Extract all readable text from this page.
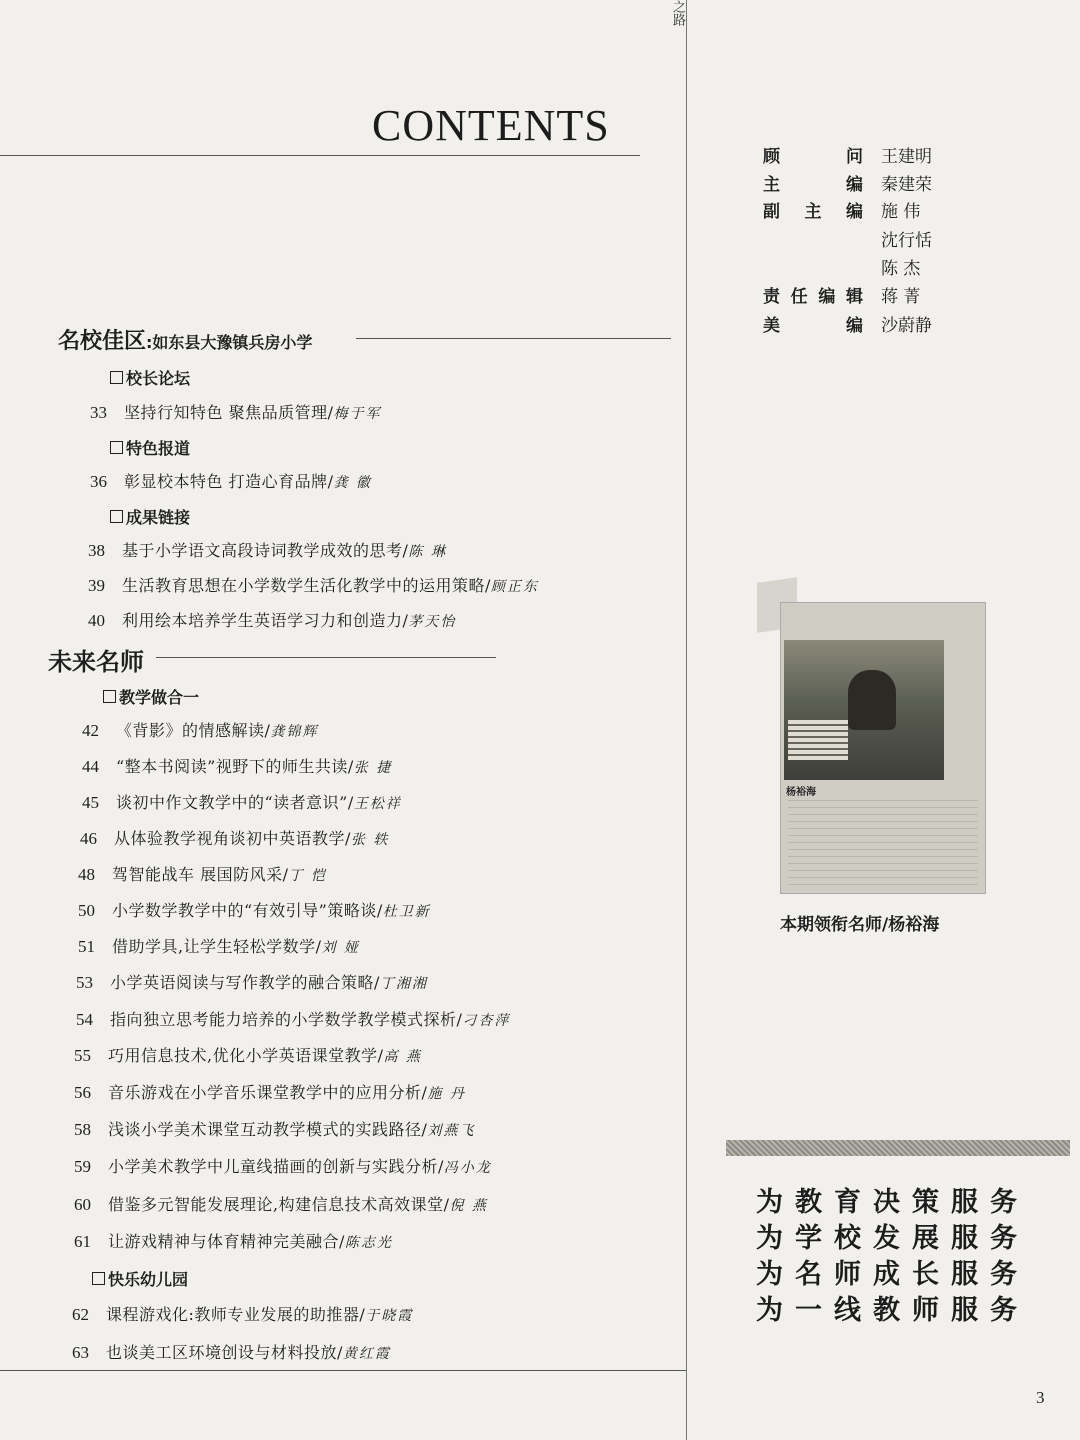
之路
CONTENTS
顾	问 王建明
主	编 秦建荣
副 主 编 施 伟
沈行恬
陈 杰
责 任 编 辑 蒋 菁
美	编 沙蔚静
名校佳区:如东县大豫镇兵房小学
校长论坛
33 坚持行知特色 聚焦品质管理/梅于军
特色报道
36 彰显校本特色 打造心育品牌/龚 徽
成果链接
38 基于小学语文高段诗词教学成效的思考/陈 琳
39 生活教育思想在小学数学生活化教学中的运用策略/顾正东
40 利用绘本培养学生英语学习力和创造力/茅天怡
未来名师
教学做合一
42 《背影》的情感解读/龚锦辉
44 “整本书阅读”视野下的师生共读/张 捷
45 谈初中作文教学中的“读者意识”/王松祥
46 从体验教学视角谈初中英语教学/张 轶
48 驾智能战车 展国防风采/丁 恺
50 小学数学教学中的“有效引导”策略谈/杜卫新
51 借助学具,让学生轻松学数学/刘 娅
53 小学英语阅读与写作教学的融合策略/丁湘湘
54 指向独立思考能力培养的小学数学教学模式探析/刁杏萍
55 巧用信息技术,优化小学英语课堂教学/高 燕
56 音乐游戏在小学音乐课堂教学中的应用分析/施 丹
58 浅谈小学美术课堂互动教学模式的实践路径/刘燕飞
59 小学美术教学中儿童线描画的创新与实践分析/冯小龙
60 借鉴多元智能发展理论,构建信息技术高效课堂/倪 燕
61 让游戏精神与体育精神完美融合/陈志光
快乐幼儿园
62 课程游戏化:教师专业发展的助推器/于晓霞
63 也谈美工区环境创设与材料投放/黄红霞
杨裕海
本期领衔名师/杨裕海
为教育决策服务
为学校发展服务
为名师成长服务
为一线教师服务
3
